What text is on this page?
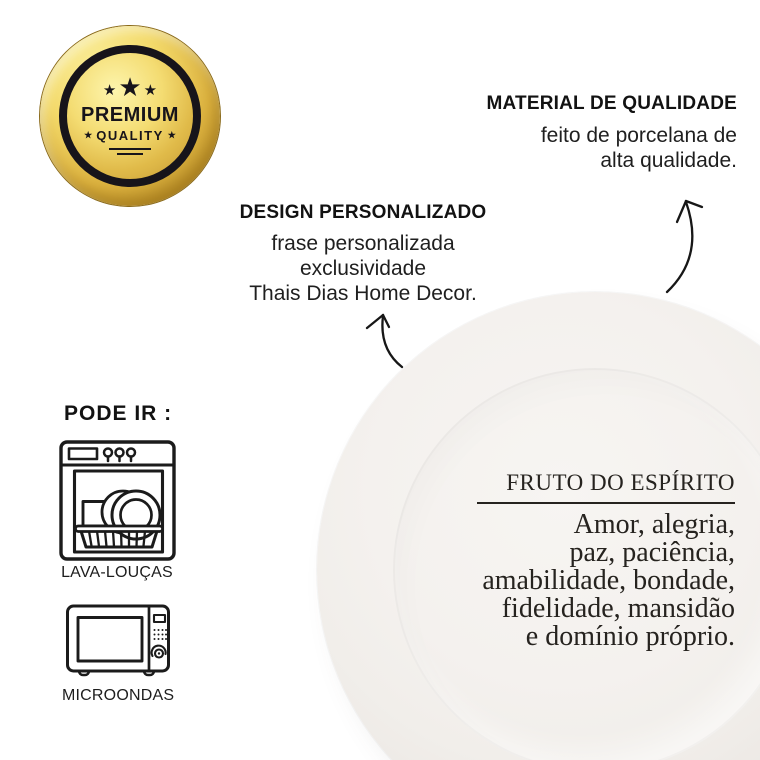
★ ★ ★
PREMIUM
★ QUALITY ★
MATERIAL DE QUALIDADE
feito de porcelana de
alta qualidade.
DESIGN PERSONALIZADO
frase personalizada
exclusividade
Thais Dias Home Decor.
PODE IR :
LAVA-LOUÇAS
MICROONDAS
FRUTO DO ESPÍRITO
Amor, alegria,
paz, paciência,
amabilidade, bondade,
fidelidade, mansidão
e domínio próprio.
